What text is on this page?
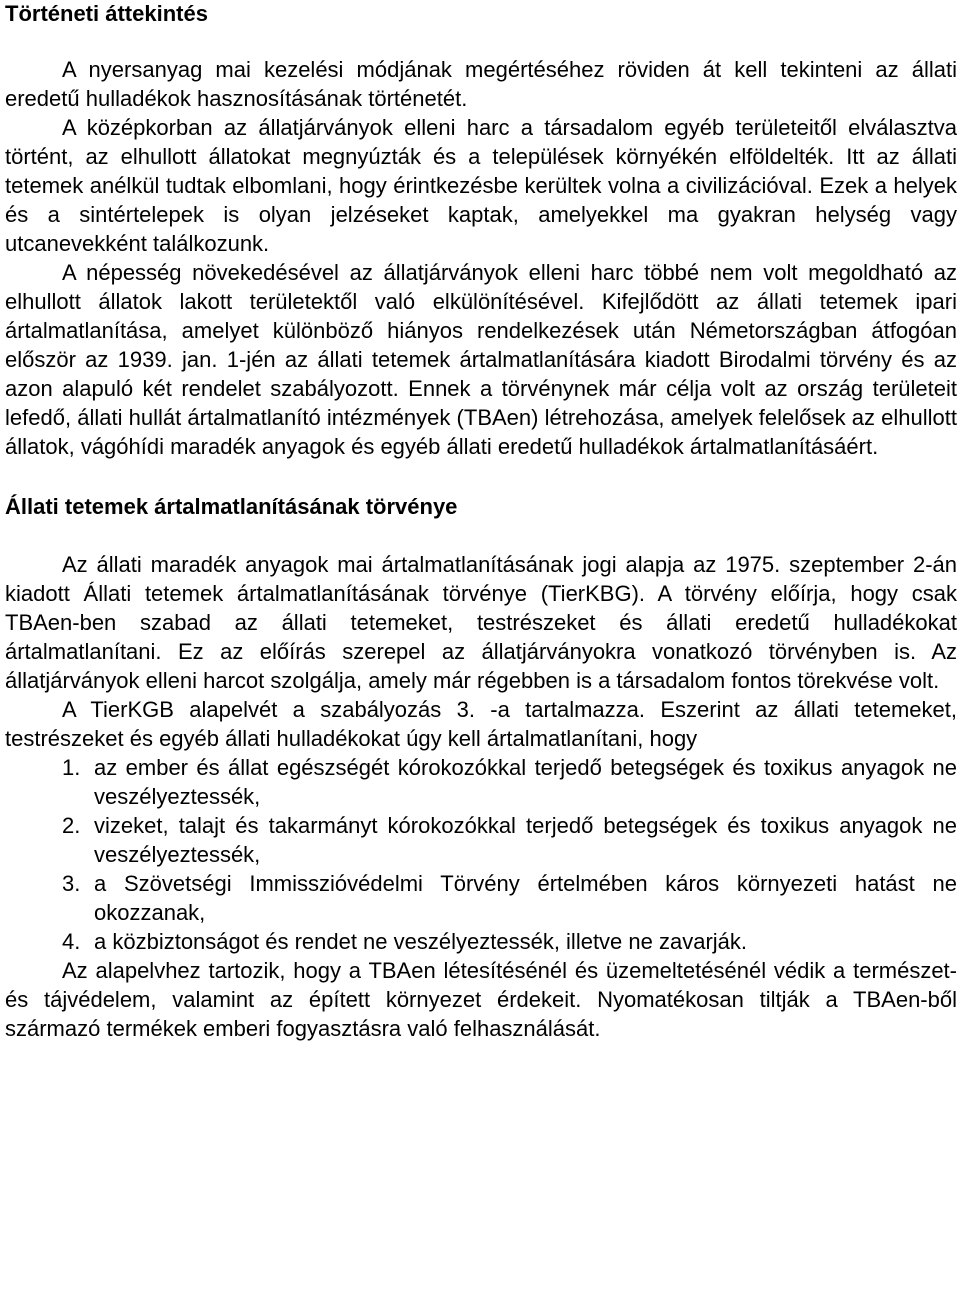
Történeti áttekintés

A nyersanyag mai kezelési módjának megértéséhez röviden át kell tekinteni az állati eredetű hulladékok hasznosításának történetét.

A középkorban az állatjárványok elleni harc a társadalom egyéb területeitől elválasztva történt, az elhullott állatokat megnyúzták és a települések környékén elföldelték. Itt az állati tetemek anélkül tudtak elbomlani, hogy érintkezésbe kerültek volna a civilizációval. Ezek a helyek és a sintértelepek is olyan jelzéseket kaptak, amelyekkel ma gyakran helység vagy utcanevekként találkozunk.

A népesség növekedésével az állatjárványok elleni harc többé nem volt megoldható az elhullott állatok lakott területektől való elkülönítésével. Kifejlődött az állati tetemek ipari ártalmatlanítása, amelyet különböző hiányos rendelkezések után Németországban átfogóan először az 1939. jan. 1-jén az állati tetemek ártalmatlanítására kiadott Birodalmi törvény és az azon alapuló két rendelet szabályozott. Ennek a törvénynek már célja volt az ország területeit lefedő, állati hullát ártalmatlanító intézmények (TBAen) létrehozása, amelyek felelősek az elhullott állatok, vágóhídi maradék anyagok és egyéb állati eredetű hulladékok ártalmatlanításáért.

Állati tetemek ártalmatlanításának törvénye

Az állati maradék anyagok mai ártalmatlanításának jogi alapja az 1975. szeptember 2-án kiadott Állati tetemek ártalmatlanításának törvénye (TierKBG). A törvény előírja, hogy csak TBAen-ben szabad az állati tetemeket, testrészeket és állati eredetű hulladékokat ártalmatlanítani. Ez az előírás szerepel az állatjárványokra vonatkozó törvényben is. Az állatjárványok elleni harcot szolgálja, amely már régebben is a társadalom fontos törekvése volt.

A TierKGB alapelvét a szabályozás 3. -a tartalmazza. Eszerint az állati tetemeket, testrészeket és egyéb állati hulladékokat úgy kell ártalmatlanítani, hogy

1. az ember és állat egészségét kórokozókkal terjedő betegségek és toxikus anyagok ne veszélyeztessék,
2. vizeket, talajt és takarmányt kórokozókkal terjedő betegségek és toxikus anyagok ne veszélyeztessék,
3. a Szövetségi Immisszióvédelmi Törvény értelmében káros környezeti hatást ne okozzanak,
4. a közbiztonságot és rendet ne veszélyeztessék, illetve ne zavarják.

Az alapelvhez tartozik, hogy a TBAen létesítésénél és üzemeltetésénél védik a természet- és tájvédelem, valamint az épített környezet érdekeit. Nyomatékosan tiltják a TBAen-ből származó termékek emberi fogyasztásra való felhasználását.
